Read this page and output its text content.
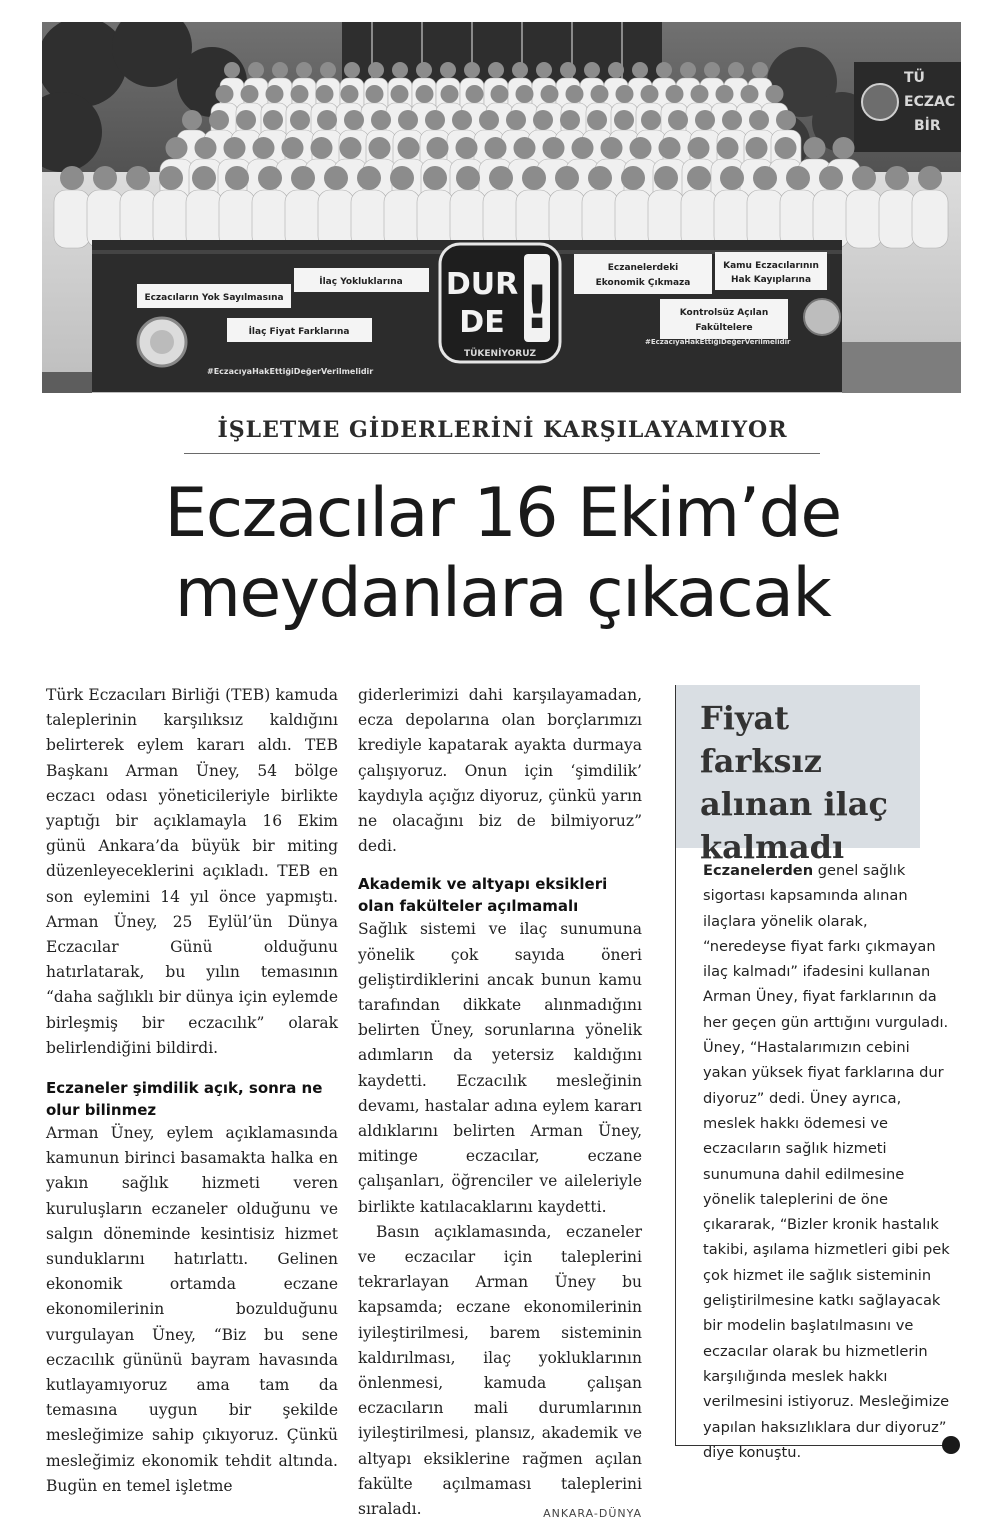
TÜ
ECZAC
BİR
Eczacıların Yok Sayılmasına
İlaç Yokluklarına
İlaç Fiyat Farklarına
Eczanelerdeki
Ekonomik Çıkmaza
Kamu Eczacılarının
Hak Kayıplarına
Kontrolsüz Açılan
Fakültelere
DUR
DE !
TÜKENİYORUZ
#EczacıyaHakEttiğiDeğerVerilmelidir
#EczacıyaHakEttiğiDeğerVerilmelidir
İŞLETME GİDERLERİNİ KARŞILAYAMIYOR
Eczacılar 16 Ekim’de
meydanlara çıkacak

Türk Eczacıları Birliği (TEB) kamuda taleplerinin karşılıksız kaldığını belirterek eylem kararı aldı. TEB Başkanı Arman Üney, 54 bölge eczacı odası yöneticileriyle birlikte yaptığı bir açıklamayla 16 Ekim günü Ankara’da büyük bir miting düzenleyeceklerini açıkladı. TEB en son eylemini 14 yıl önce yapmıştı. Arman Üney, 25 Eylül’ün Dünya Eczacılar Günü olduğunu hatırlatarak, bu yılın temasının “daha sağlıklı bir dünya için eylemde birleşmiş bir eczacılık” olarak belirlendiğini bildirdi.

Eczaneler şimdilik açık, sonra ne olur bilinmez

Arman Üney, eylem açıklamasında kamunun birinci basamakta halka en yakın sağlık hizmeti veren kuruluşların eczaneler olduğunu ve salgın döneminde kesintisiz hizmet sunduklarını hatırlattı. Gelinen ekonomik ortamda eczane ekonomilerinin bozulduğunu vurgulayan Üney, “Biz bu sene eczacılık gününü bayram havasında kutlayamıyoruz ama tam da temasına uygun bir şekilde mesleğimize sahip çıkıyoruz. Çünkü mesleğimiz ekonomik tehdit altında. Bugün en temel işletme

giderlerimizi dahi karşılayamadan, ecza depolarına olan borçlarımızı krediyle kapatarak ayakta durmaya çalışıyoruz. Onun için ‘şimdilik’ kaydıyla açığız diyoruz, çünkü yarın ne olacağını biz de bilmiyoruz” dedi.

Akademik ve altyapı eksikleri olan fakülteler açılmamalı

Sağlık sistemi ve ilaç sunumuna yönelik çok sayıda öneri geliştirdiklerini ancak bunun kamu tarafından dikkate alınmadığını belirten Üney, sorunlarına yönelik adımların da yetersiz kaldığını kaydetti. Eczacılık mesleğinin devamı, hastalar adına eylem kararı aldıklarını belirten Arman Üney, mitinge eczacılar, eczane çalışanları, öğrenciler ve aileleriyle birlikte katılacaklarını kaydetti.

Basın açıklamasında, eczaneler ve eczacılar için taleplerini tekrarlayan Arman Üney bu kapsamda; eczane ekonomilerinin iyileştirilmesi, barem sisteminin kaldırılması, ilaç yokluklarının önlenmesi, kamuda çalışan eczacıların mali durumlarının iyileştirilmesi, plansız, akademik ve altyapı eksiklerine rağmen açılan fakülte açılmaması taleplerini sıraladı.	ANKARA-DÜNYA

Fiyat farksız
alınan ilaç
kalmadı
Eczanelerden genel sağlık sigortası kapsamında alınan ilaçlara yönelik olarak, “neredeyse fiyat farkı çıkmayan ilaç kalmadı” ifadesini kullanan Arman Üney, fiyat farklarının da her geçen gün arttığını vurguladı. Üney, “Hastalarımızın cebini yakan yüksek fiyat farklarına dur diyoruz” dedi. Üney ayrıca, meslek hakkı ödemesi ve eczacıların sağlık hizmeti sunumuna dahil edilmesine yönelik taleplerini de öne çıkararak, “Bizler kronik hastalık takibi, aşılama hizmetleri gibi pek çok hizmet ile sağlık sisteminin geliştirilmesine katkı sağlayacak bir modelin başlatılmasını ve eczacılar olarak bu hizmetlerin karşılığında meslek hakkı verilmesini istiyoruz. Mesleğimize yapılan haksızlıklara dur diyoruz” diye konuştu.
